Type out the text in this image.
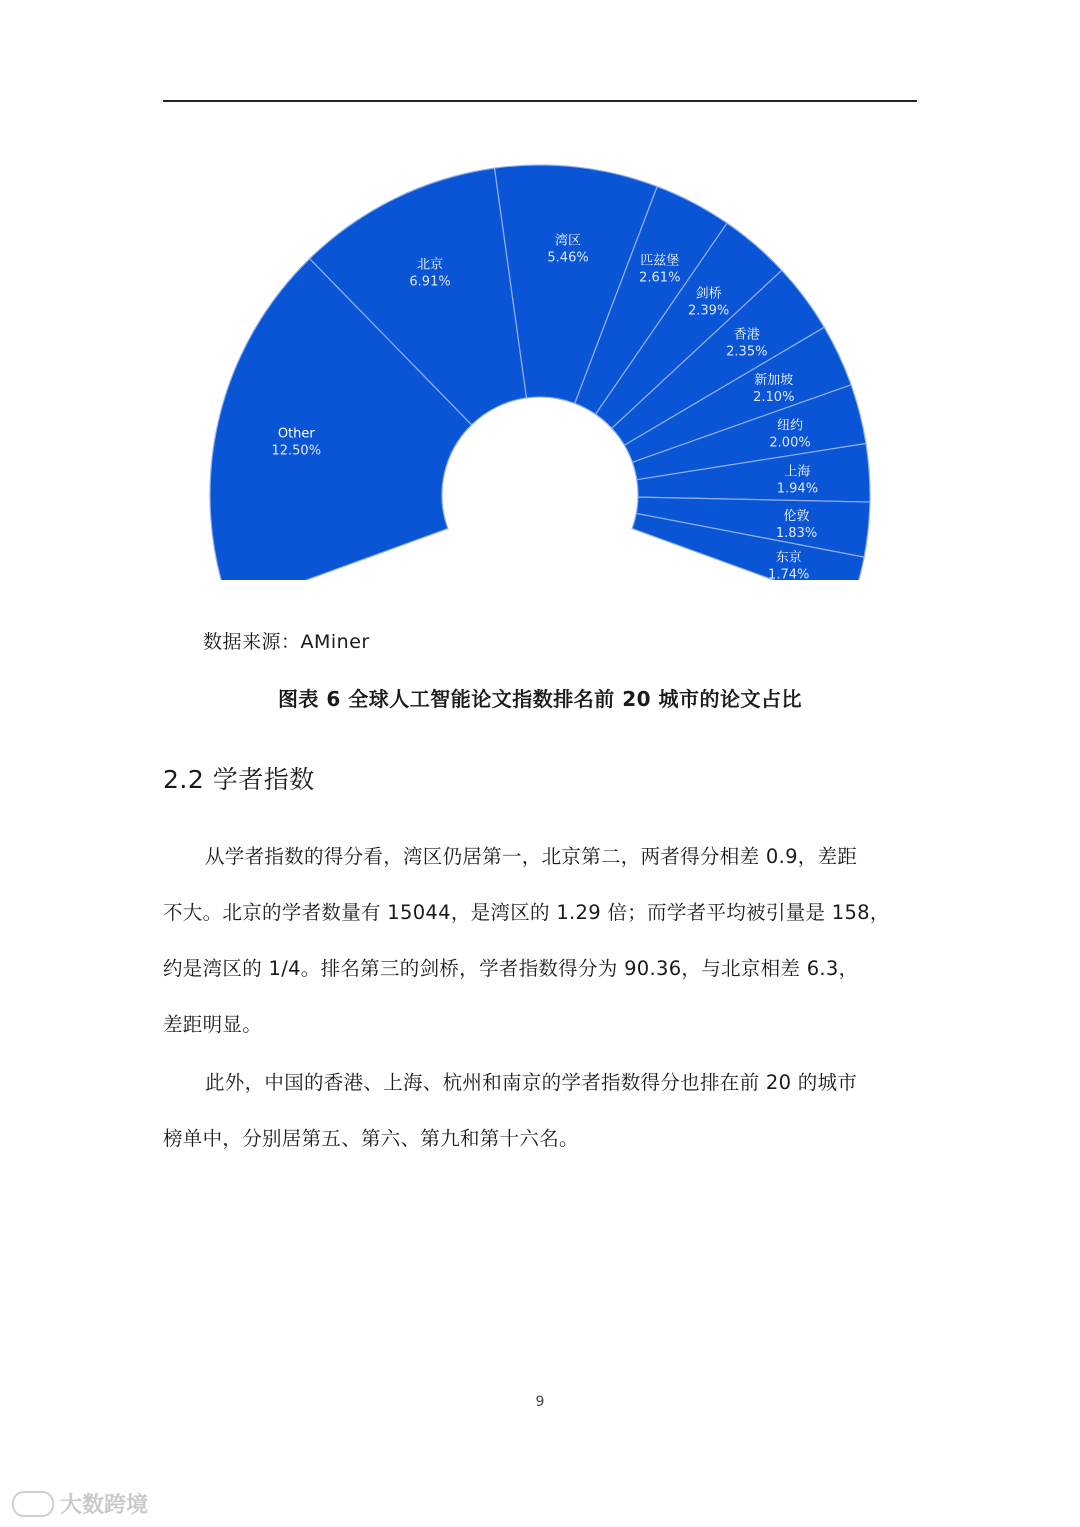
Other
12.50%
北京
6.91%
湾区
5.46%	匹兹堡
2.61%
剑桥
2.39%
香港
2.35%
新加坡
2.10%
纽约
2.00%
上海
1.94%
伦敦
1.83%
东京
1.74%
数据来源：AMiner
图表 6 全球人工智能论文指数排名前 20 城市的论文占比
2.2 学者指数
从学者指数的得分看，湾区仍居第一，北京第二，两者得分相差 0.9，差距
不大。北京的学者数量有 15044，是湾区的 1.29 倍；而学者平均被引量是 158，
约是湾区的 1/4。排名第三的剑桥，学者指数得分为 90.36，与北京相差 6.3，
差距明显。
此外，中国的香港、上海、杭州和南京的学者指数得分也排在前 20 的城市
榜单中，分别居第五、第六、第九和第十六名。
9
大数跨境
